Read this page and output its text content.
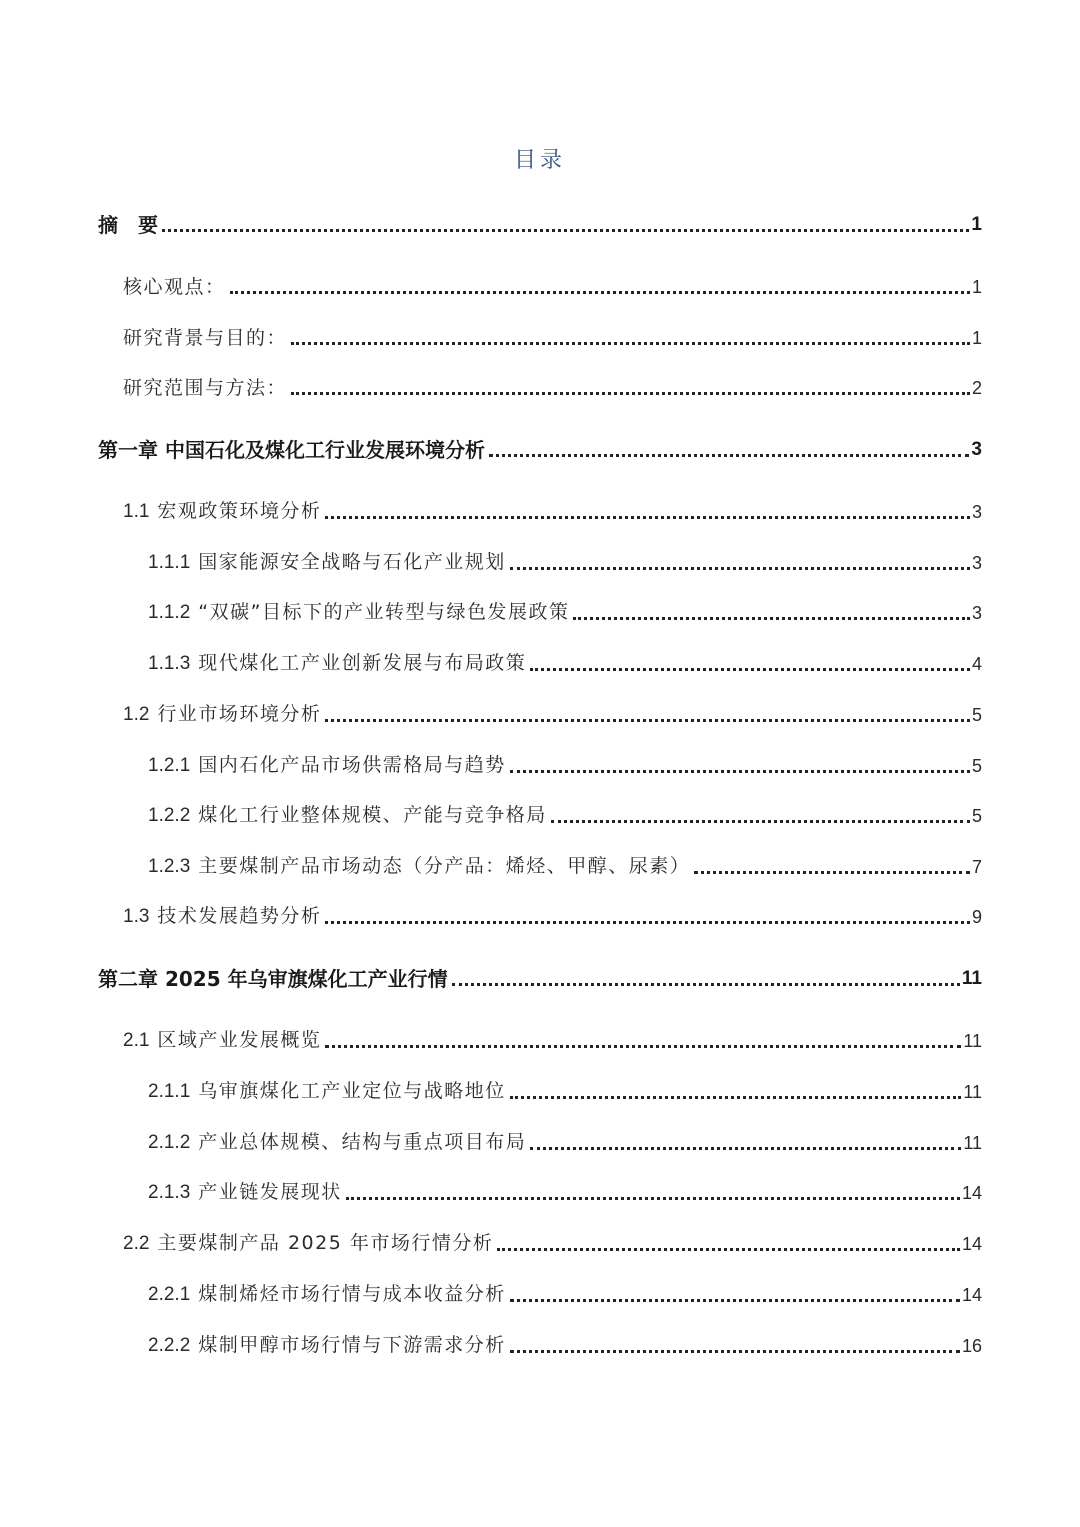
目录
摘　要	1
核心观点：	1
研究背景与目的：	1
研究范围与方法：	2
第一章 中国石化及煤化工行业发展环境分析	3
1.1 宏观政策环境分析	3
1.1.1 国家能源安全战略与石化产业规划	3
1.1.2 “双碳”目标下的产业转型与绿色发展政策	3
1.1.3 现代煤化工产业创新发展与布局政策	4
1.2 行业市场环境分析	5
1.2.1 国内石化产品市场供需格局与趋势	5
1.2.2 煤化工行业整体规模、产能与竞争格局	5
1.2.3 主要煤制产品市场动态（分产品：烯烃、甲醇、尿素）	7
1.3 技术发展趋势分析	9
第二章 2025 年乌审旗煤化工产业行情	11
2.1 区域产业发展概览	11
2.1.1 乌审旗煤化工产业定位与战略地位	11
2.1.2 产业总体规模、结构与重点项目布局	11
2.1.3 产业链发展现状	14
2.2 主要煤制产品 2025 年市场行情分析	14
2.2.1 煤制烯烃市场行情与成本收益分析	14
2.2.2 煤制甲醇市场行情与下游需求分析	16
